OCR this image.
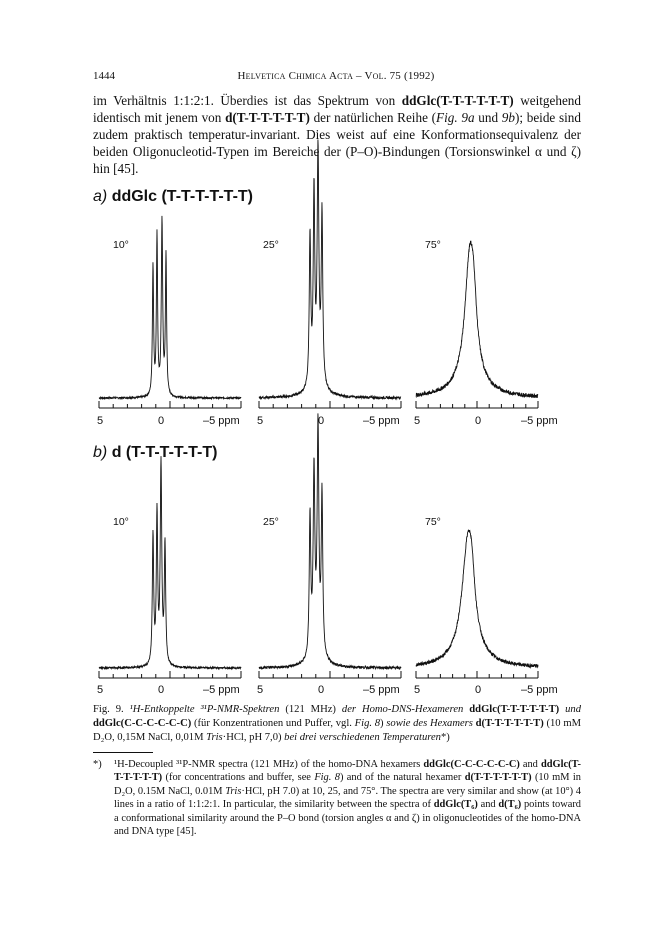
1444	Helvetica Chimica Acta – Vol. 75 (1992)

im Verhältnis 1:1:2:1. Überdies ist das Spektrum von ddGlc(T-T-T-T-T-T) weitgehend identisch mit jenem von d(T-T-T-T-T-T) der natürlichen Reihe (Fig. 9a und 9b); beide sind zudem praktisch temperatur-invariant. Dies weist auf eine Konformationsequivalenz der beiden Oligonucleotid-Typen im Bereiche der (P–O)-Bindungen (Torsionswinkel α und ζ) hin [45].

a) ddGlc (T-T-T-T-T-T)
b) d (T-T-T-T-T-T)
10°	25°	75°
10°	25°	75°
5	0	–5 ppm 5	0	–5 ppm 5	0	–5 ppm
5	0	–5 ppm 5	0	–5 ppm 5	0	–5 ppm

Fig. 9. ¹H-Entkoppelte ³¹P-NMR-Spektren (121 MHz) der Homo-DNS-Hexameren ddGlc(T-T-T-T-T-T) und ddGlc(C-C-C-C-C-C) (für Konzentrationen und Puffer, vgl. Fig. 8) sowie des Hexamers d(T-T-T-T-T-T) (10 mM D₂O, 0,15M NaCl, 0,01M Tris·HCl, pH 7,0) bei drei verschiedenen Temperaturen*)

*) ¹H-Decoupled ³¹P-NMR spectra (121 MHz) of the homo-DNA hexamers ddGlc(C-C-C-C-C-C) and ddGlc(T-T-T-T-T-T) (for concentrations and buffer, see Fig. 8) and of the natural hexamer d(T-T-T-T-T-T) (10 mM in D₂O, 0.15M NaCl, 0.01M Tris·HCl, pH 7.0) at 10, 25, and 75°. The spectra are very similar and show (at 10°) 4 lines in a ratio of 1:1:2:1. In particular, the similarity between the spectra of ddGlc(T₆) and d(T₆) points toward a conformational similarity around the P–O bond (torsion angles α and ζ) in oligonucleotides of the homo-DNA and DNA type [45].
